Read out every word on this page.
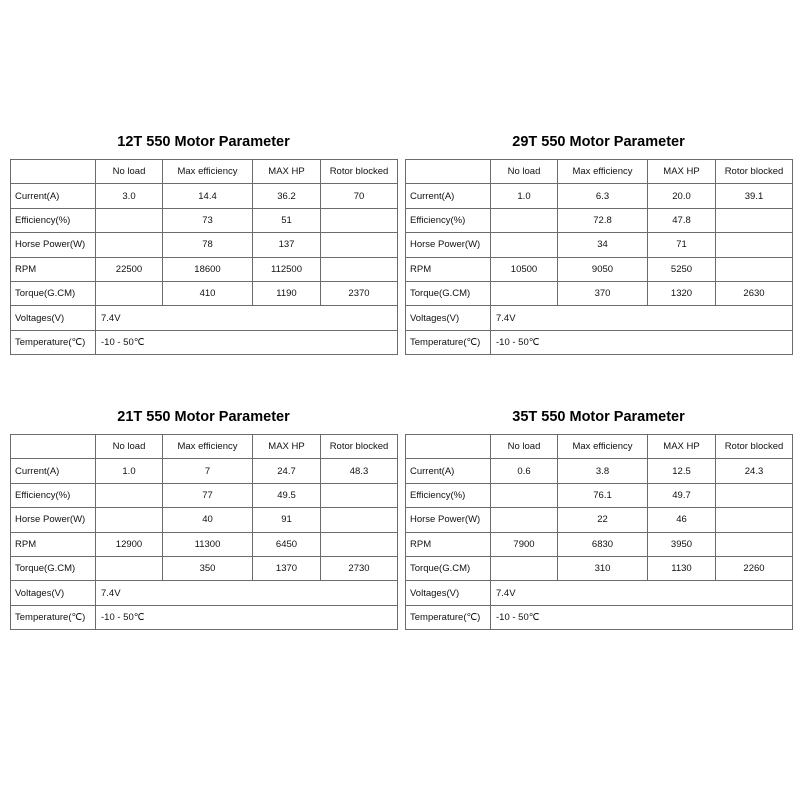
12T 550 Motor Parameter
	No load	Max efficiency	MAX HP	Rotor blocked
Current(A)	3.0	14.4	36.2	70
Efficiency(%)		73	51	
Horse Power(W)		78	137	
RPM	22500	18600	112500	
Torque(G.CM)		410	1190	2370
Voltages(V)	7.4V			
Temperature(℃)	-10 - 50℃			
29T 550 Motor Parameter
	No load	Max efficiency	MAX HP	Rotor blocked
Current(A)	1.0	6.3	20.0	39.1
Efficiency(%)		72.8	47.8	
Horse Power(W)		34	71	
RPM	10500	9050	5250	
Torque(G.CM)		370	1320	2630
Voltages(V)	7.4V			
Temperature(℃)	-10 - 50℃			
21T 550 Motor Parameter
	No load	Max efficiency	MAX HP	Rotor blocked
Current(A)	1.0	7	24.7	48.3
Efficiency(%)		77	49.5	
Horse Power(W)		40	91	
RPM	12900	11300	6450	
Torque(G.CM)		350	1370	2730
Voltages(V)	7.4V			
Temperature(℃)	-10 - 50℃			
35T 550 Motor Parameter
	No load	Max efficiency	MAX HP	Rotor blocked
Current(A)	0.6	3.8	12.5	24.3
Efficiency(%)		76.1	49.7	
Horse Power(W)		22	46	
RPM	7900	6830	3950	
Torque(G.CM)		310	1130	2260
Voltages(V)	7.4V			
Temperature(℃)	-10 - 50℃			
